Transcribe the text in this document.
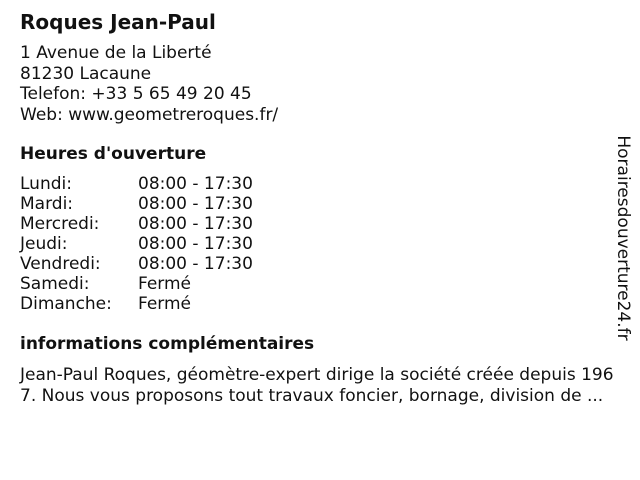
Roques Jean-Paul
1 Avenue de la Liberté
81230 Lacaune
Telefon: +33 5 65 49 20 45
Web: www.geometreroques.fr/
Heures d'ouverture
Lundi:	08:00 - 17:30
Mardi:	08:00 - 17:30
Mercredi:	08:00 - 17:30
Jeudi:	08:00 - 17:30
Vendredi:	08:00 - 17:30
Samedi:	Fermé
Dimanche:	Fermé
informations complémentaires
Jean-Paul Roques, géomètre-expert dirige la société créée depuis 196
7. Nous vous proposons tout travaux foncier, bornage, division de ...
Horairesdouverture24.fr
